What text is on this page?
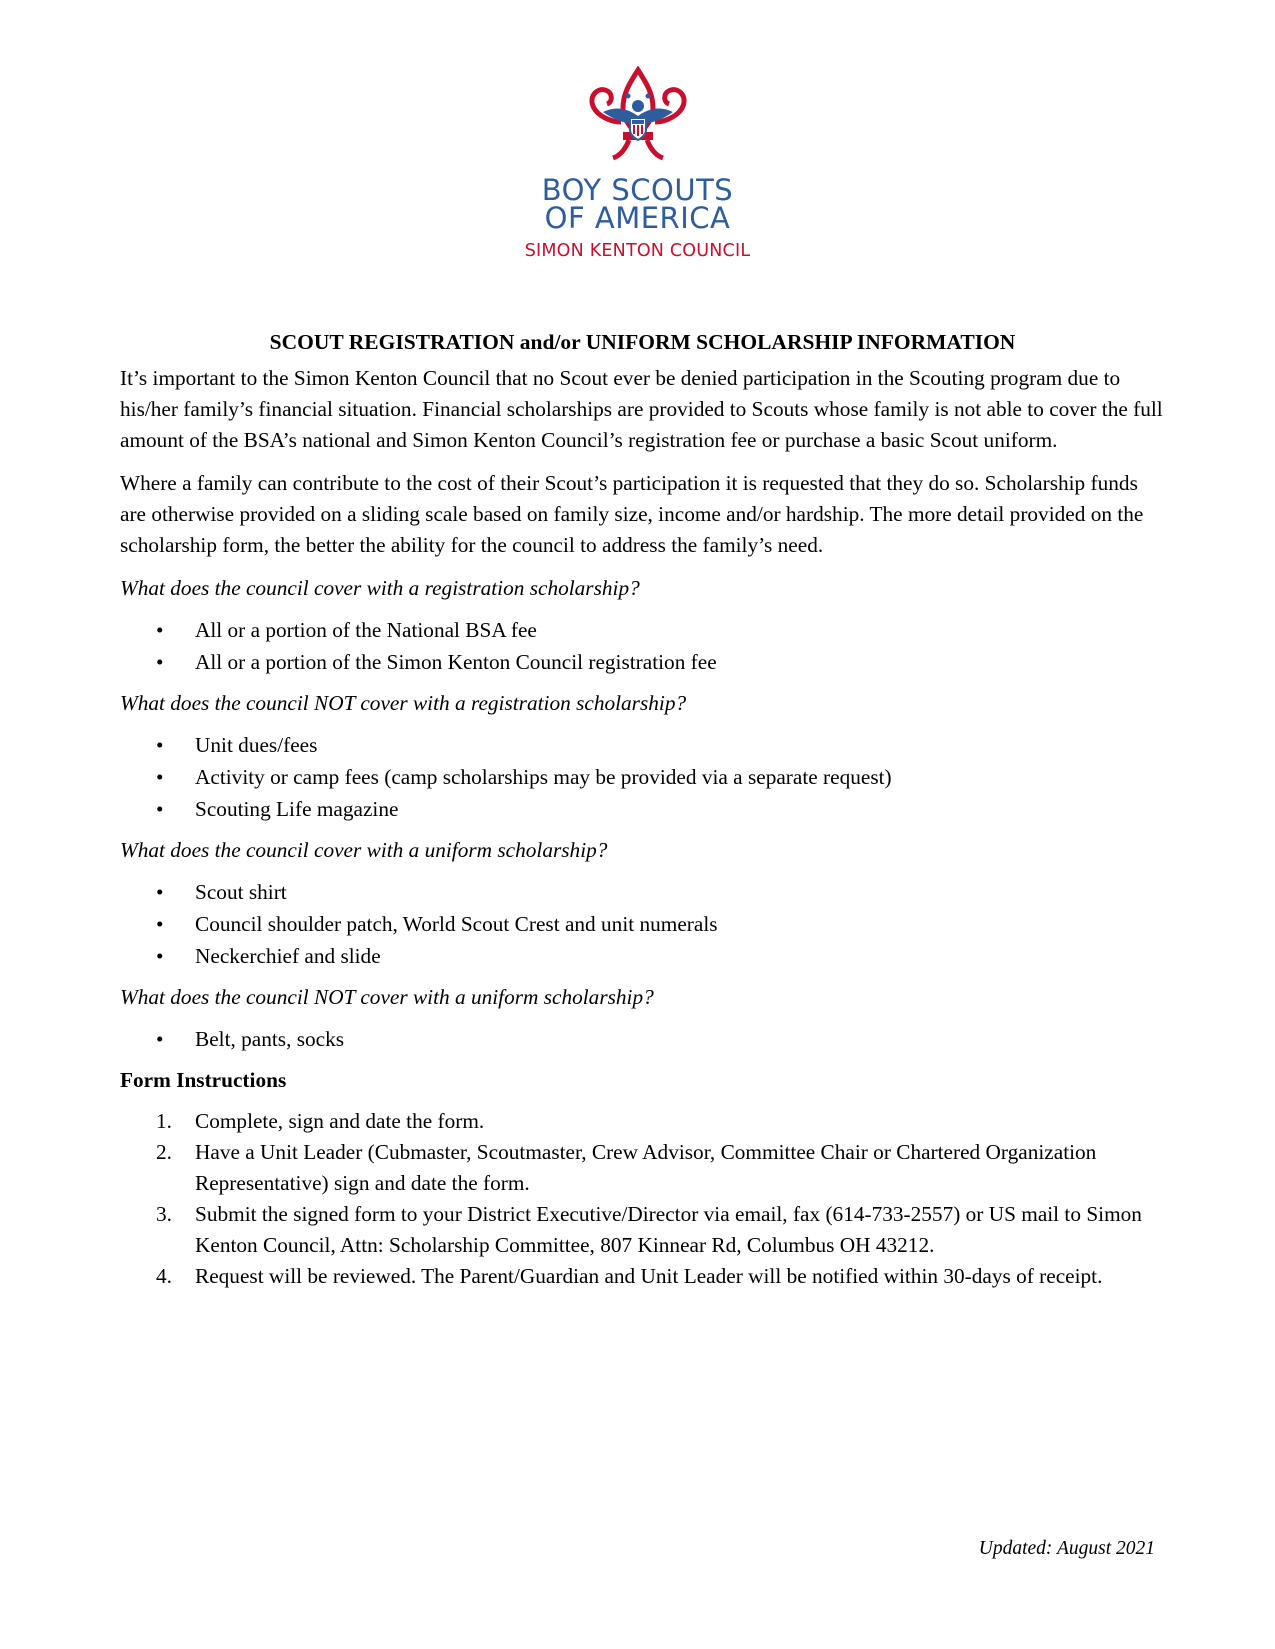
BOY SCOUTS
OF AMERICA
SIMON KENTON COUNCIL
SCOUT REGISTRATION and/or UNIFORM SCHOLARSHIP INFORMATION

It’s important to the Simon Kenton Council that no Scout ever be denied participation in the Scouting program due to his/her family’s financial situation. Financial scholarships are provided to Scouts whose family is not able to cover the full amount of the BSA’s national and Simon Kenton Council’s registration fee or purchase a basic Scout uniform.

Where a family can contribute to the cost of their Scout’s participation it is requested that they do so. Scholarship funds are otherwise provided on a sliding scale based on family size, income and/or hardship. The more detail provided on the scholarship form, the better the ability for the council to address the family’s need.

What does the council cover with a registration scholarship?
• All or a portion of the National BSA fee
• All or a portion of the Simon Kenton Council registration fee
What does the council NOT cover with a registration scholarship?
• Unit dues/fees
• Activity or camp fees (camp scholarships may be provided via a separate request)
• Scouting Life magazine
What does the council cover with a uniform scholarship?
• Scout shirt
• Council shoulder patch, World Scout Crest and unit numerals
• Neckerchief and slide
What does the council NOT cover with a uniform scholarship?
• Belt, pants, socks
Form Instructions
1. Complete, sign and date the form.
2. Have a Unit Leader (Cubmaster, Scoutmaster, Crew Advisor, Committee Chair or Chartered Organization Representative) sign and date the form.
3. Submit the signed form to your District Executive/Director via email, fax (614-733-2557) or US mail to Simon Kenton Council, Attn: Scholarship Committee, 807 Kinnear Rd, Columbus OH 43212.
4. Request will be reviewed. The Parent/Guardian and Unit Leader will be notified within 30-days of receipt.
Updated: August 2021
